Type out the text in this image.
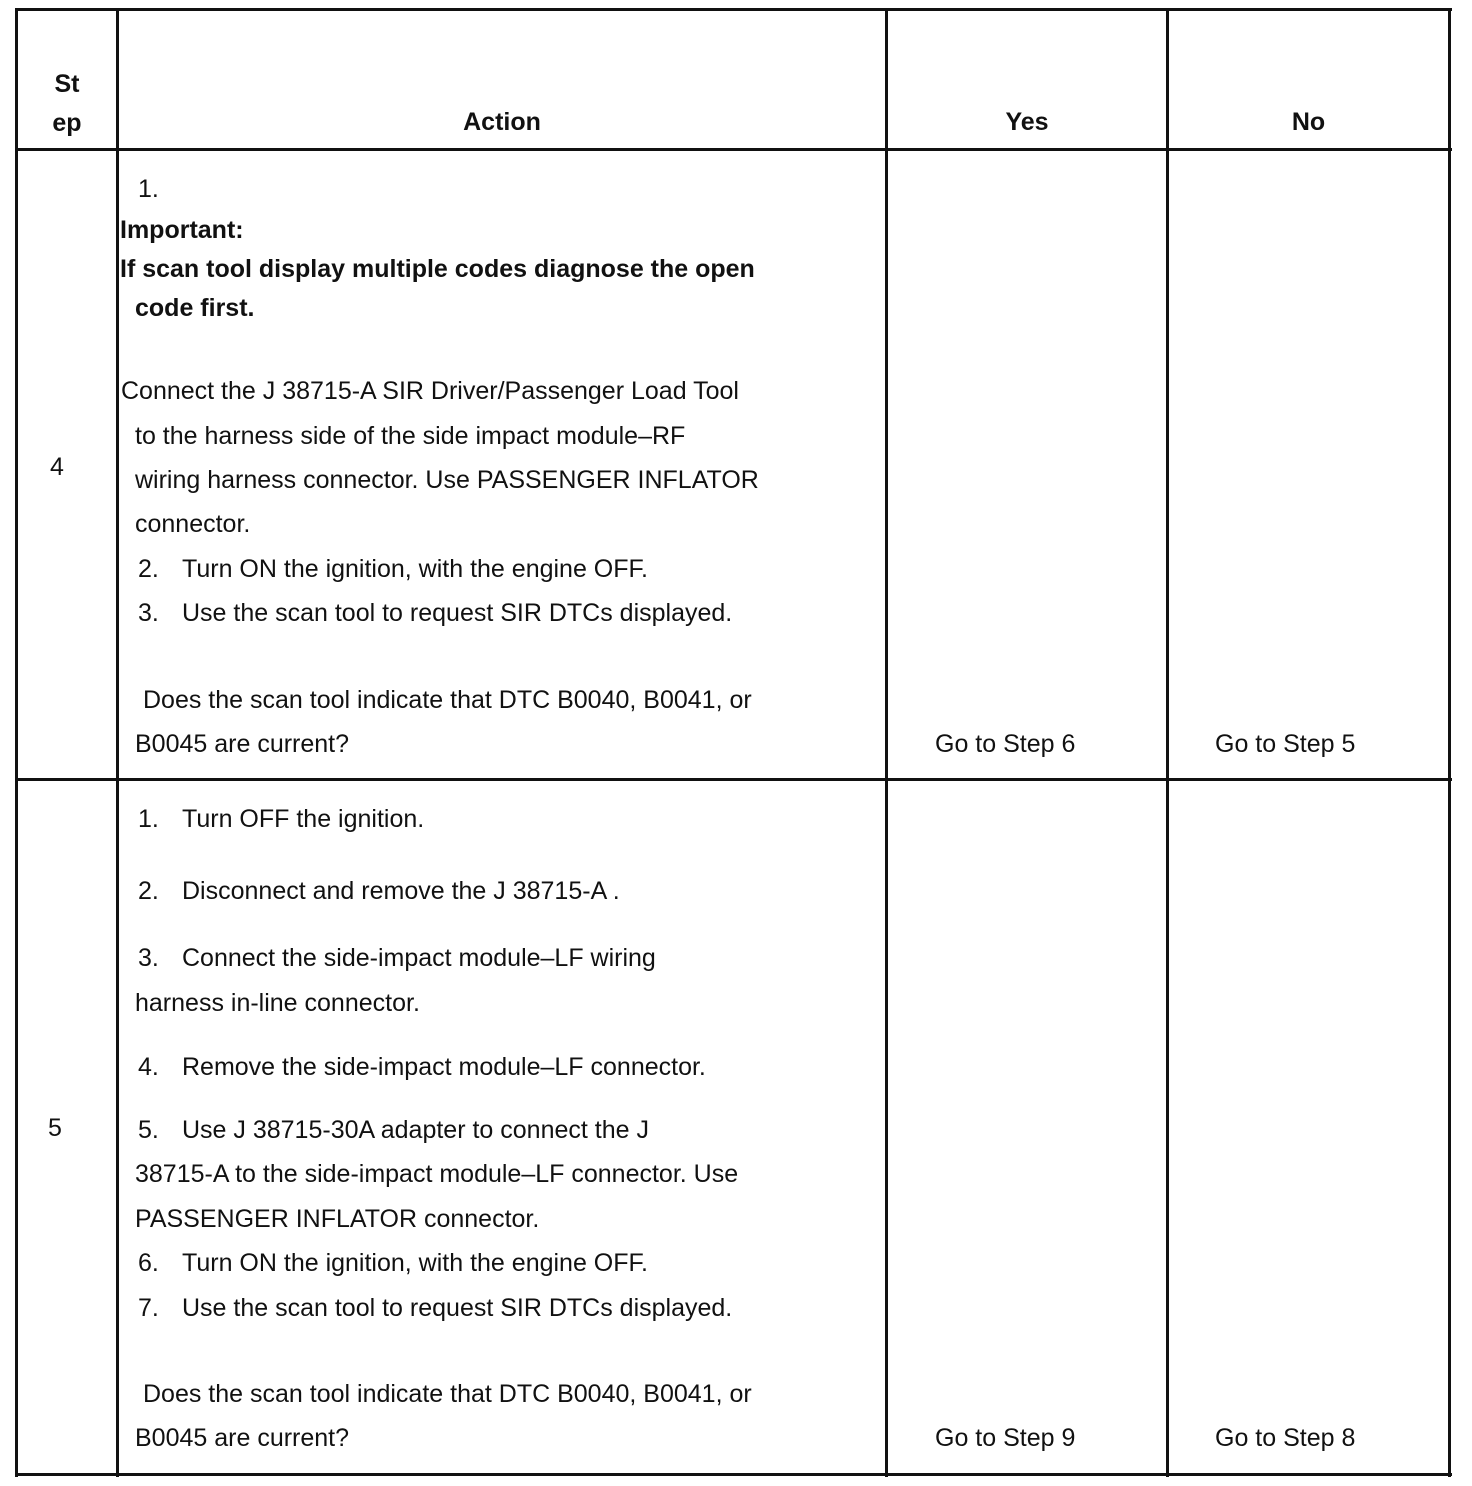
St
ep	Action	Yes	No
4
1.
Important:
If scan tool display multiple codes diagnose the open
code first.
Connect the J 38715-A SIR Driver/Passenger Load Tool
to the harness side of the side impact module–RF
wiring harness connector. Use PASSENGER INFLATOR
connector.
2. Turn ON the ignition, with the engine OFF.
3. Use the scan tool to request SIR DTCs displayed.
Does the scan tool indicate that DTC B0040, B0041, or
B0045 are current?	Go to Step 6	Go to Step 5
5
1. Turn OFF the ignition.
2. Disconnect and remove the J 38715-A .
3. Connect the side-impact module–LF wiring
harness in-line connector.
4. Remove the side-impact module–LF connector.
5. Use J 38715-30A adapter to connect the J
38715-A to the side-impact module–LF connector. Use
PASSENGER INFLATOR connector.
6. Turn ON the ignition, with the engine OFF.
7. Use the scan tool to request SIR DTCs displayed.
Does the scan tool indicate that DTC B0040, B0041, or
B0045 are current?	Go to Step 9	Go to Step 8
